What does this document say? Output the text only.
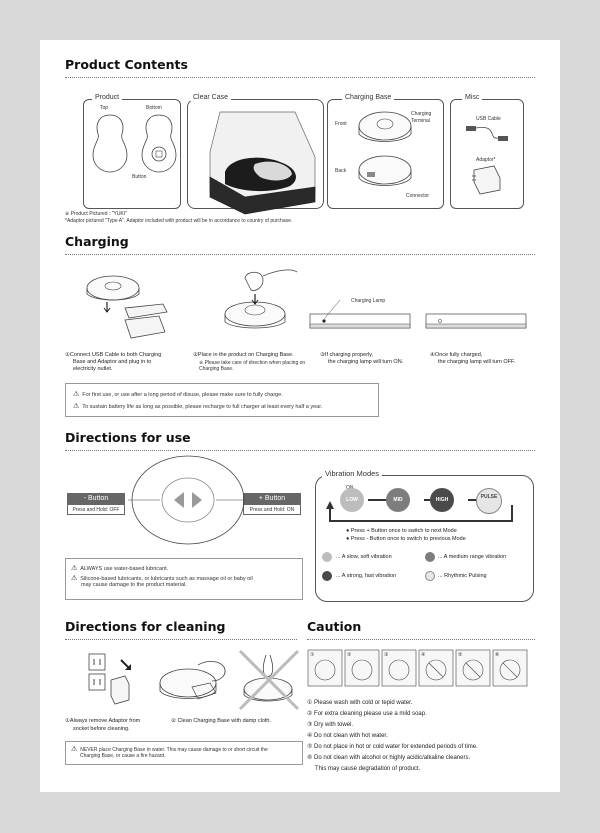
Product Contents
Product
Top	Bottom
Button
Clear Case	Charging Base
Front
Back
Charging Terminal
Connector
Misc
USB Cable
Adaptor*
※ Product Pictured : "YUKI"
*Adaptor pictured "Type A". Adaptor included with product will be in accordance to country of purchase.
Charging
Charging Lamp
①Connect USB Cable to both Charging
Base and Adaptor and plug in to
electricity outlet.
②Place in the product on Charging Base.
※ Please take care of direction when placing on
Charging Base.
③If charging properly,
the charging lamp will turn ON.
④Once fully charged,
the charging lamp will turn OFF.
⚠ For first use, or use after a long period of disuse, please make sure to fully charge.
⚠ To sustain battery life as long as possible, please recharge to full charger at least every half a year.
Directions for use
- Button
Press and Hold: OFF
+ Button
Press and Hold: ON
Vibration Modes
LOW	MID	HIGH	PULSE
● Press + Button once to switch to next Mode
● Press - Button once to switch to previous Mode
... A slow, soft vibration	... A medium range vibration
... A strong, fast vibration	... Rhythmic Pulsing
⚠ ALWAYS use water-based lubricant.
⚠ Silicone-based lubricants, or lubricants such as massage oil or baby oil
may cause damage to the product material.
Directions for cleaning
①Always remove Adaptor from
socket before cleaning.
② Clean Charging Base with damp cloth.
⚠ NEVER place Charging Base in water. This may cause damage to or short circuit the
Charging Base, or cause a fire hazard.
Caution
①	②	③	④	⑤	⑥
① Please wash with cold or tepid water.
② For extra cleaning please use a mild soap.
③ Dry with towel.
④ Do not clean with hot water.
⑤ Do not place in hot or cold water for extended periods of time.
⑥ Do not clean with alcohol or highly acidic/alkaline cleaners.
This may cause degradation of product.
